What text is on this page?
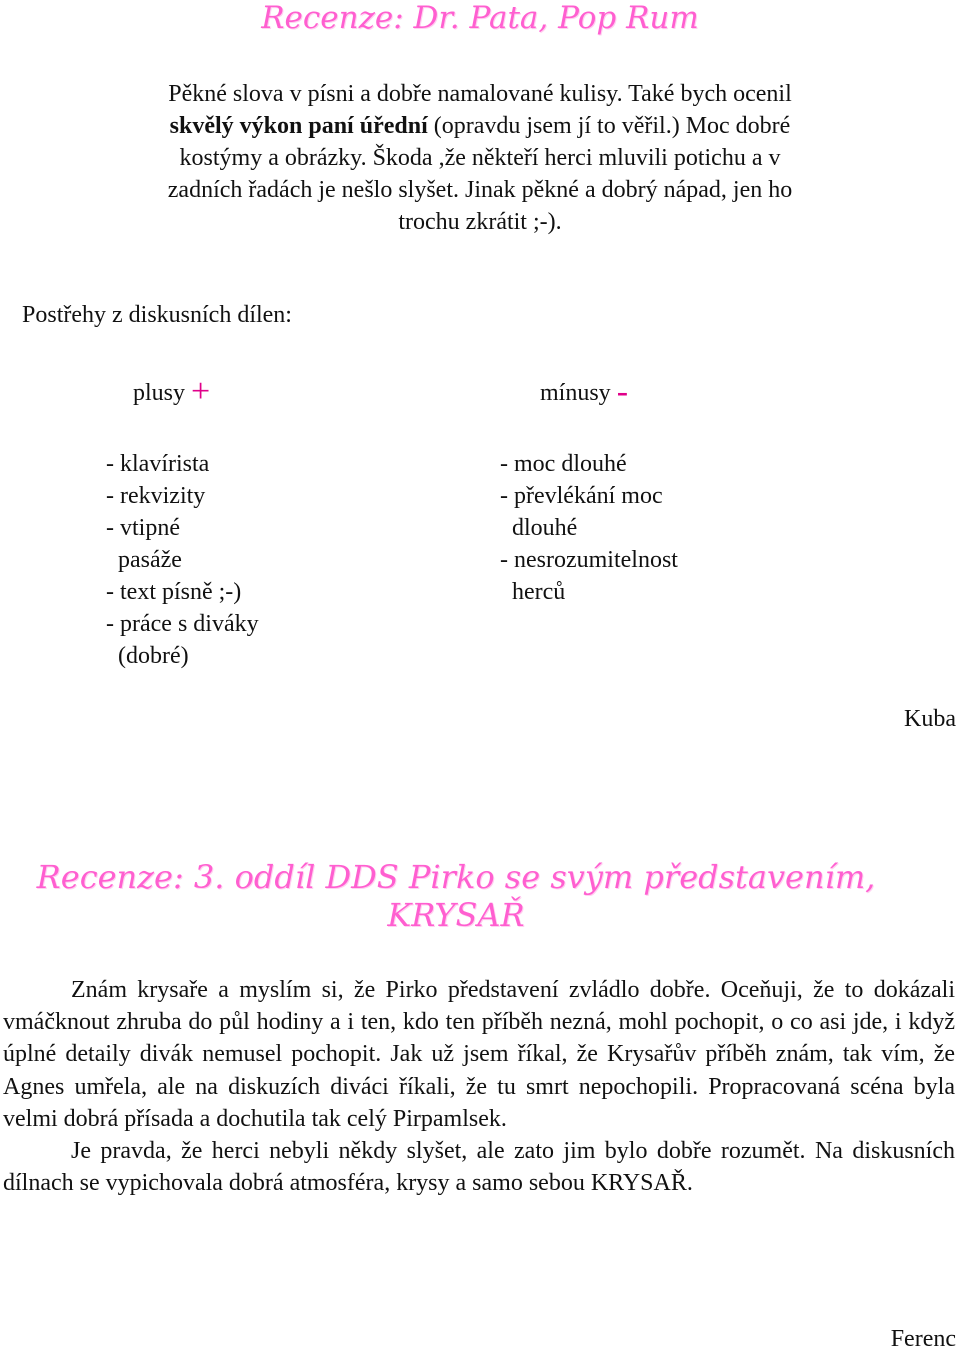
Recenze: Dr. Pata, Pop Rum
Pěkné slova v písni a dobře namalované kulisy. Také bych ocenil skvělý výkon paní úřední (opravdu jsem jí to věřil.) Moc dobré kostýmy a obrázky. Škoda ,že někteří herci mluvili potichu a v zadních řadách je nešlo slyšet. Jinak pěkné a dobrý nápad, jen ho trochu zkrátit ;-).
Postřehy z diskusních dílen:
plusy +	mínusy -
- klavírista
- rekvizity
- vtipné
pasáže
- text písně ;-)
- práce s diváky
(dobré)
- moc dlouhé
- převlékání moc
dlouhé
- nesrozumitelnost
herců
Kuba
Recenze: 3. oddíl DDS Pirko se svým představením, KRYSAŘ

Znám krysaře a myslím si, že Pirko představení zvládlo dobře. Oceňuji, že to dokázali vmáčknout zhruba do půl hodiny a i ten, kdo ten příběh nezná, mohl pochopit, o co asi jde, i když úplné detaily divák nemusel pochopit. Jak už jsem říkal, že Krysařův příběh znám, tak vím, že Agnes umřela, ale na diskuzích diváci říkali, že tu smrt nepochopili. Propracovaná scéna byla velmi dobrá přísada a dochutila tak celý Pirpamlsek.

Je pravda, že herci nebyli někdy slyšet, ale zato jim bylo dobře rozumět. Na diskusních dílnach se vypichovala dobrá atmosféra, krysy a samo sebou KRYSAŘ.

Ferenc
